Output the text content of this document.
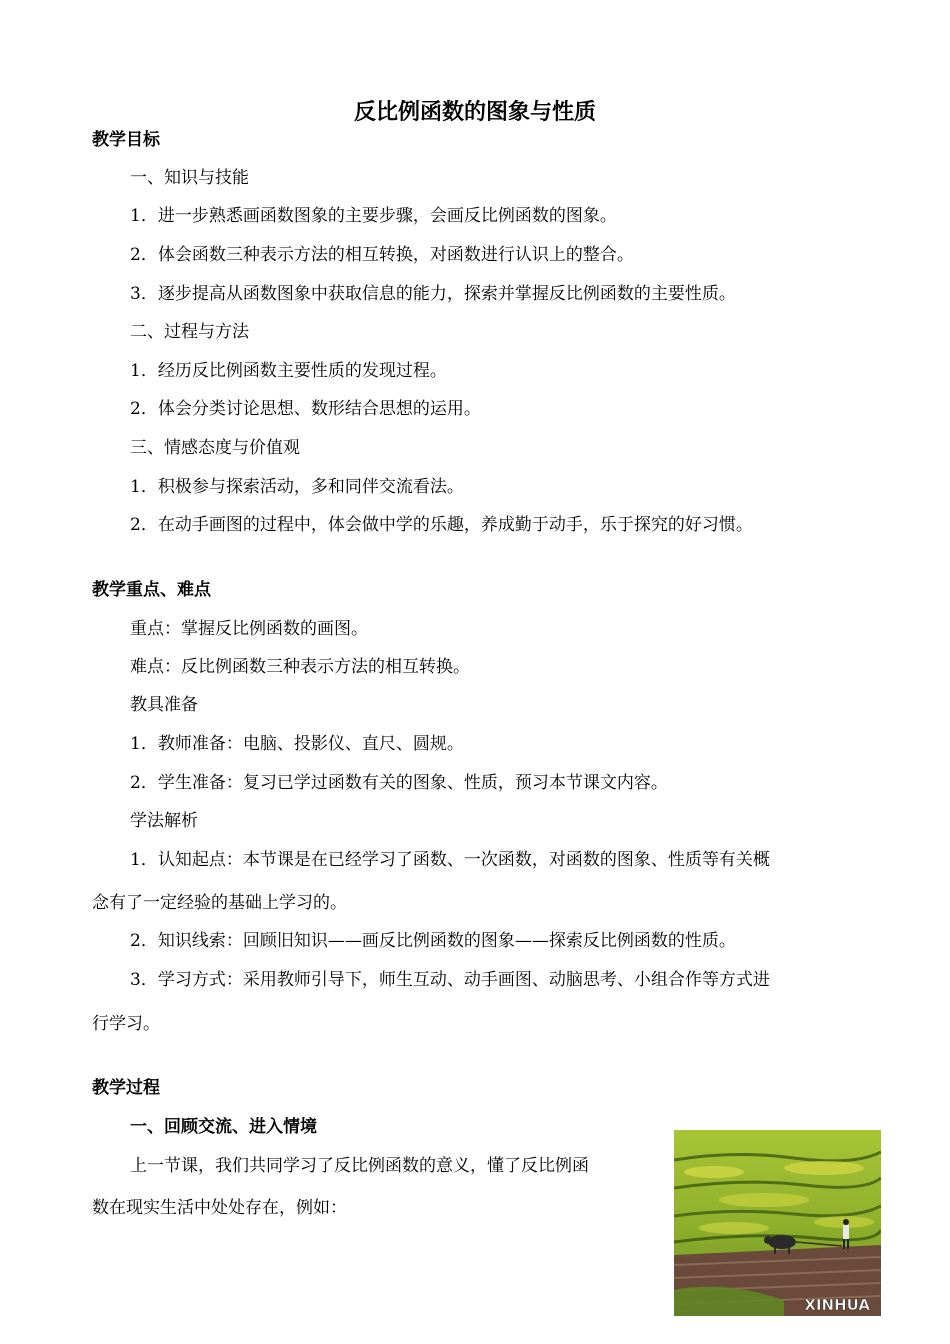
反比例函数的图象与性质
教学目标
一、知识与技能
1．进一步熟悉画函数图象的主要步骤，会画反比例函数的图象。
2．体会函数三种表示方法的相互转换，对函数进行认识上的整合。
3．逐步提高从函数图象中获取信息的能力，探索并掌握反比例函数的主要性质。
二、过程与方法
1．经历反比例函数主要性质的发现过程。
2．体会分类讨论思想、数形结合思想的运用。
三、情感态度与价值观
1．积极参与探索活动，多和同伴交流看法。
2．在动手画图的过程中，体会做中学的乐趣，养成勤于动手，乐于探究的好习惯。
教学重点、难点
重点：掌握反比例函数的画图。
难点：反比例函数三种表示方法的相互转换。
教具准备
1．教师准备：电脑、投影仪、直尺、圆规。
2．学生准备：复习已学过函数有关的图象、性质，预习本节课文内容。
学法解析
1．认知起点：本节课是在已经学习了函数、一次函数，对函数的图象、性质等有关概
念有了一定经验的基础上学习的。
2．知识线索：回顾旧知识——画反比例函数的图象——探索反比例函数的性质。
3．学习方式：采用教师引导下，师生互动、动手画图、动脑思考、小组合作等方式进
行学习。
教学过程
一、回顾交流、进入情境
上一节课，我们共同学习了反比例函数的意义，懂了反比例函
数在现实生活中处处存在，例如：
XINHUA
